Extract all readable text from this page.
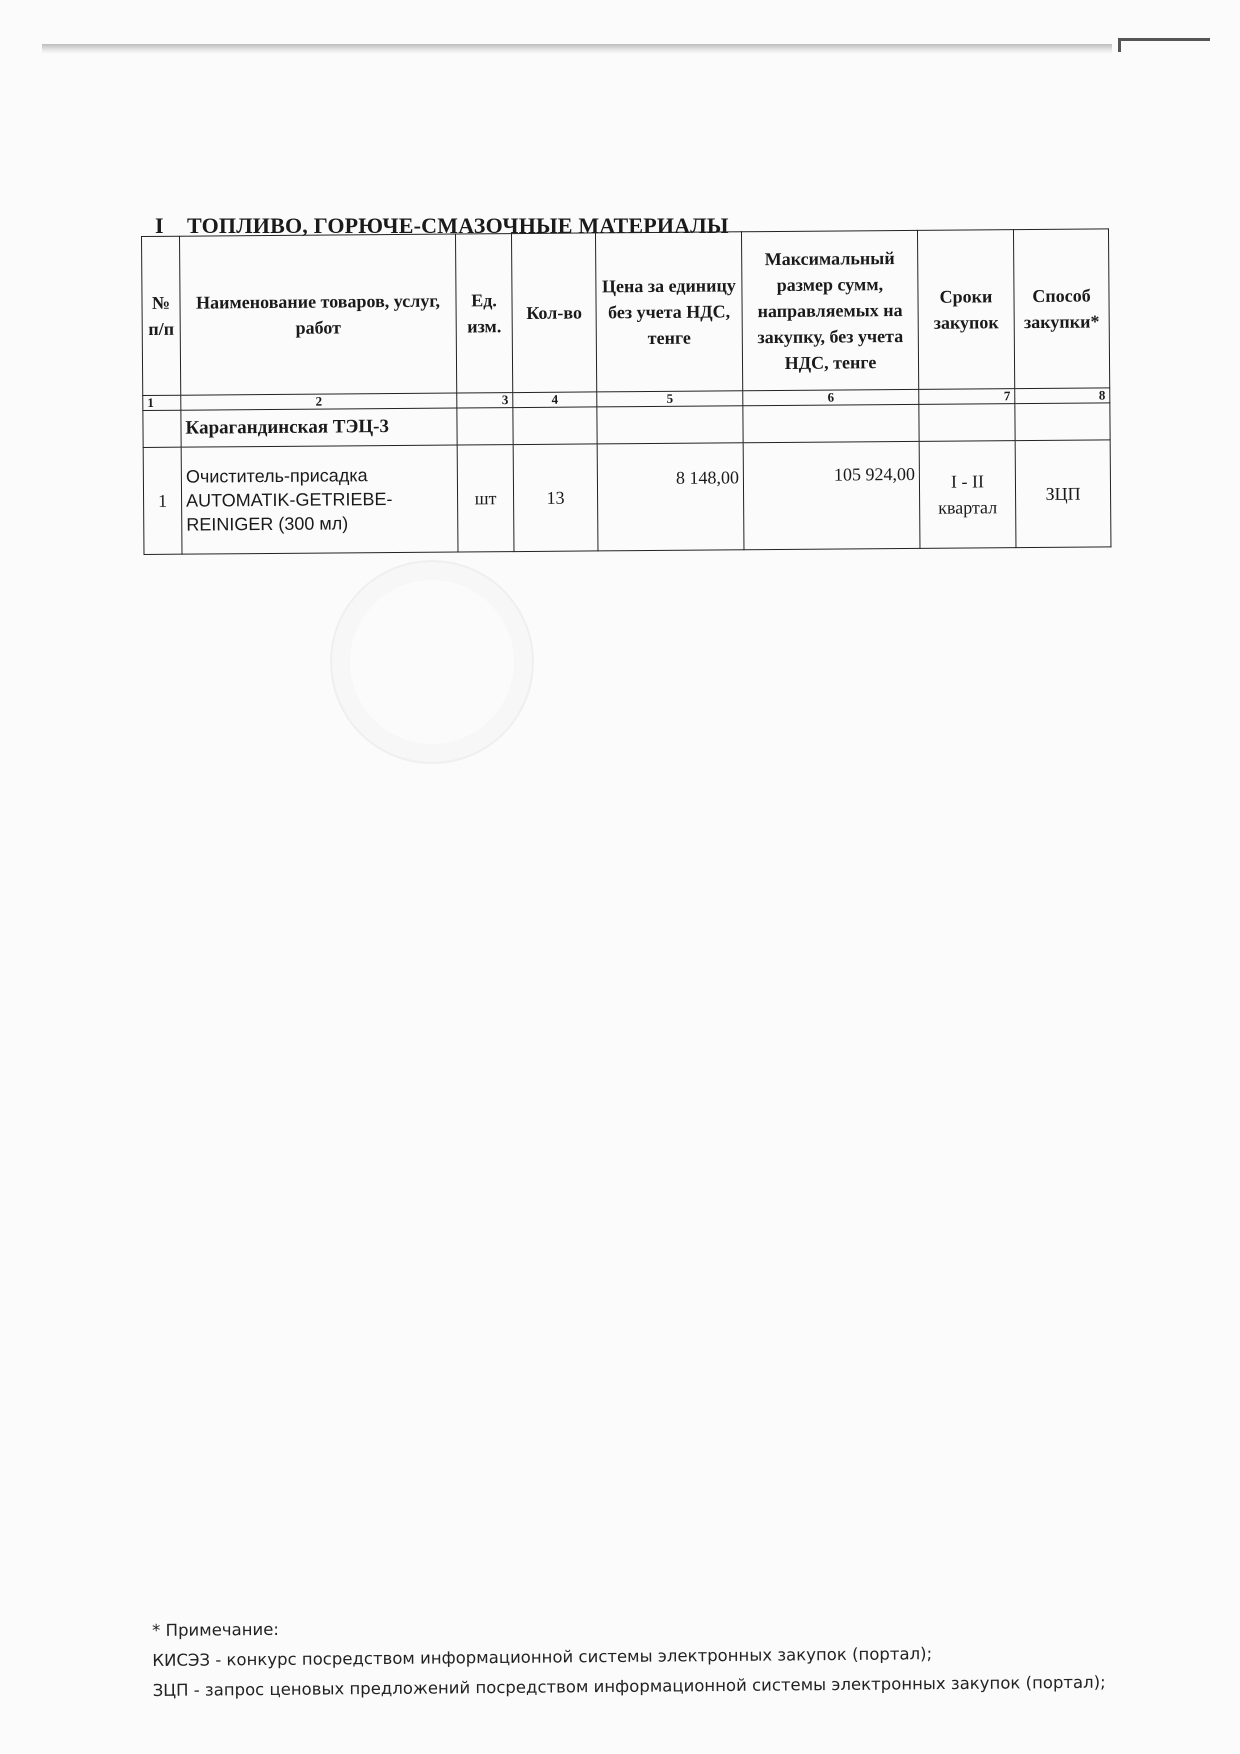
I ТОПЛИВО, ГОРЮЧЕ-СМАЗОЧНЫЕ МАТЕРИАЛЫ
№ п/п	Наименование товаров, услуг, работ	Ед. изм.	Кол-во	Цена за единицу без учета НДС, тенге	Максимальный размер сумм, направляемых на закупку, без учета НДС, тенге	Сроки закупок	Способ закупки*
1	2	3	4	5	6	7	8
	Карагандинская ТЭЦ-3						
1	Очиститель-присадка AUTOMATIK-GETRIEBE-REINIGER (300 мл)	шт	13	8 148,00	105 924,00	I - II квартал	ЗЦП
* Примечание:
КИСЭЗ - конкурс посредством информационной системы электронных закупок (портал);
ЗЦП - запрос ценовых предложений посредством информационной системы электронных закупок (портал);
